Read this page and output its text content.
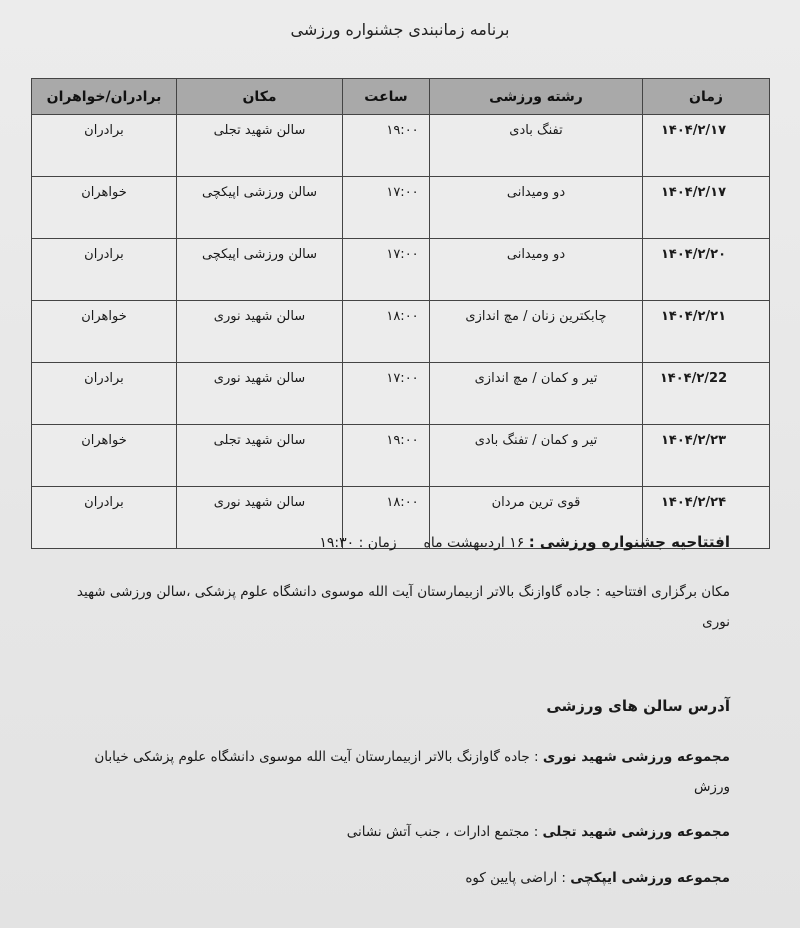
برنامه زمانبندی جشنواره ورزشی
زمان	رشته ورزشی	ساعت	مکان	برادران/خواهران
۱۴۰۴/۲/۱۷	تفنگ بادی	۱۹:۰۰	سالن شهید تجلی	برادران
۱۴۰۴/۲/۱۷	دو ومیدانی	۱۷:۰۰	سالن ورزشی اپیکچی	خواهران
۱۴۰۴/۲/۲۰	دو ومیدانی	۱۷:۰۰	سالن ورزشی اپیکچی	برادران
۱۴۰۴/۲/۲۱	چابکترین زنان / مچ اندازی	۱۸:۰۰	سالن شهید نوری	خواهران
۱۴۰۴/۲/22	تیر و کمان / مچ اندازی	۱۷:۰۰	سالن شهید نوری	برادران
۱۴۰۴/۲/۲۳	تیر و کمان / تفنگ بادی	۱۹:۰۰	سالن شهید تجلی	خواهران
۱۴۰۴/۲/۲۴	قوی ترین مردان	۱۸:۰۰	سالن شهید نوری	برادران
افتتاحیه جشنواره ورزشی : ۱۶ اردیبهشت ماه  زمان : ۱۹:۳۰
مکان برگزاری افتتاحیه : جاده گاوازنگ بالاتر ازبیمارستان آیت الله موسوی دانشگاه علوم پزشکی ،سالن ورزشی شهید نوری
آدرس سالن های ورزشی
مجموعه ورزشی شهید نوری : جاده گاوازنگ بالاتر ازبیمارستان آیت الله موسوی دانشگاه علوم پزشکی خیابان ورزش
مجموعه ورزشی شهید تجلی : مجتمع ادارات ، جنب آتش نشانی
مجموعه ورزشی ایپکچی : اراضی پایین کوه
